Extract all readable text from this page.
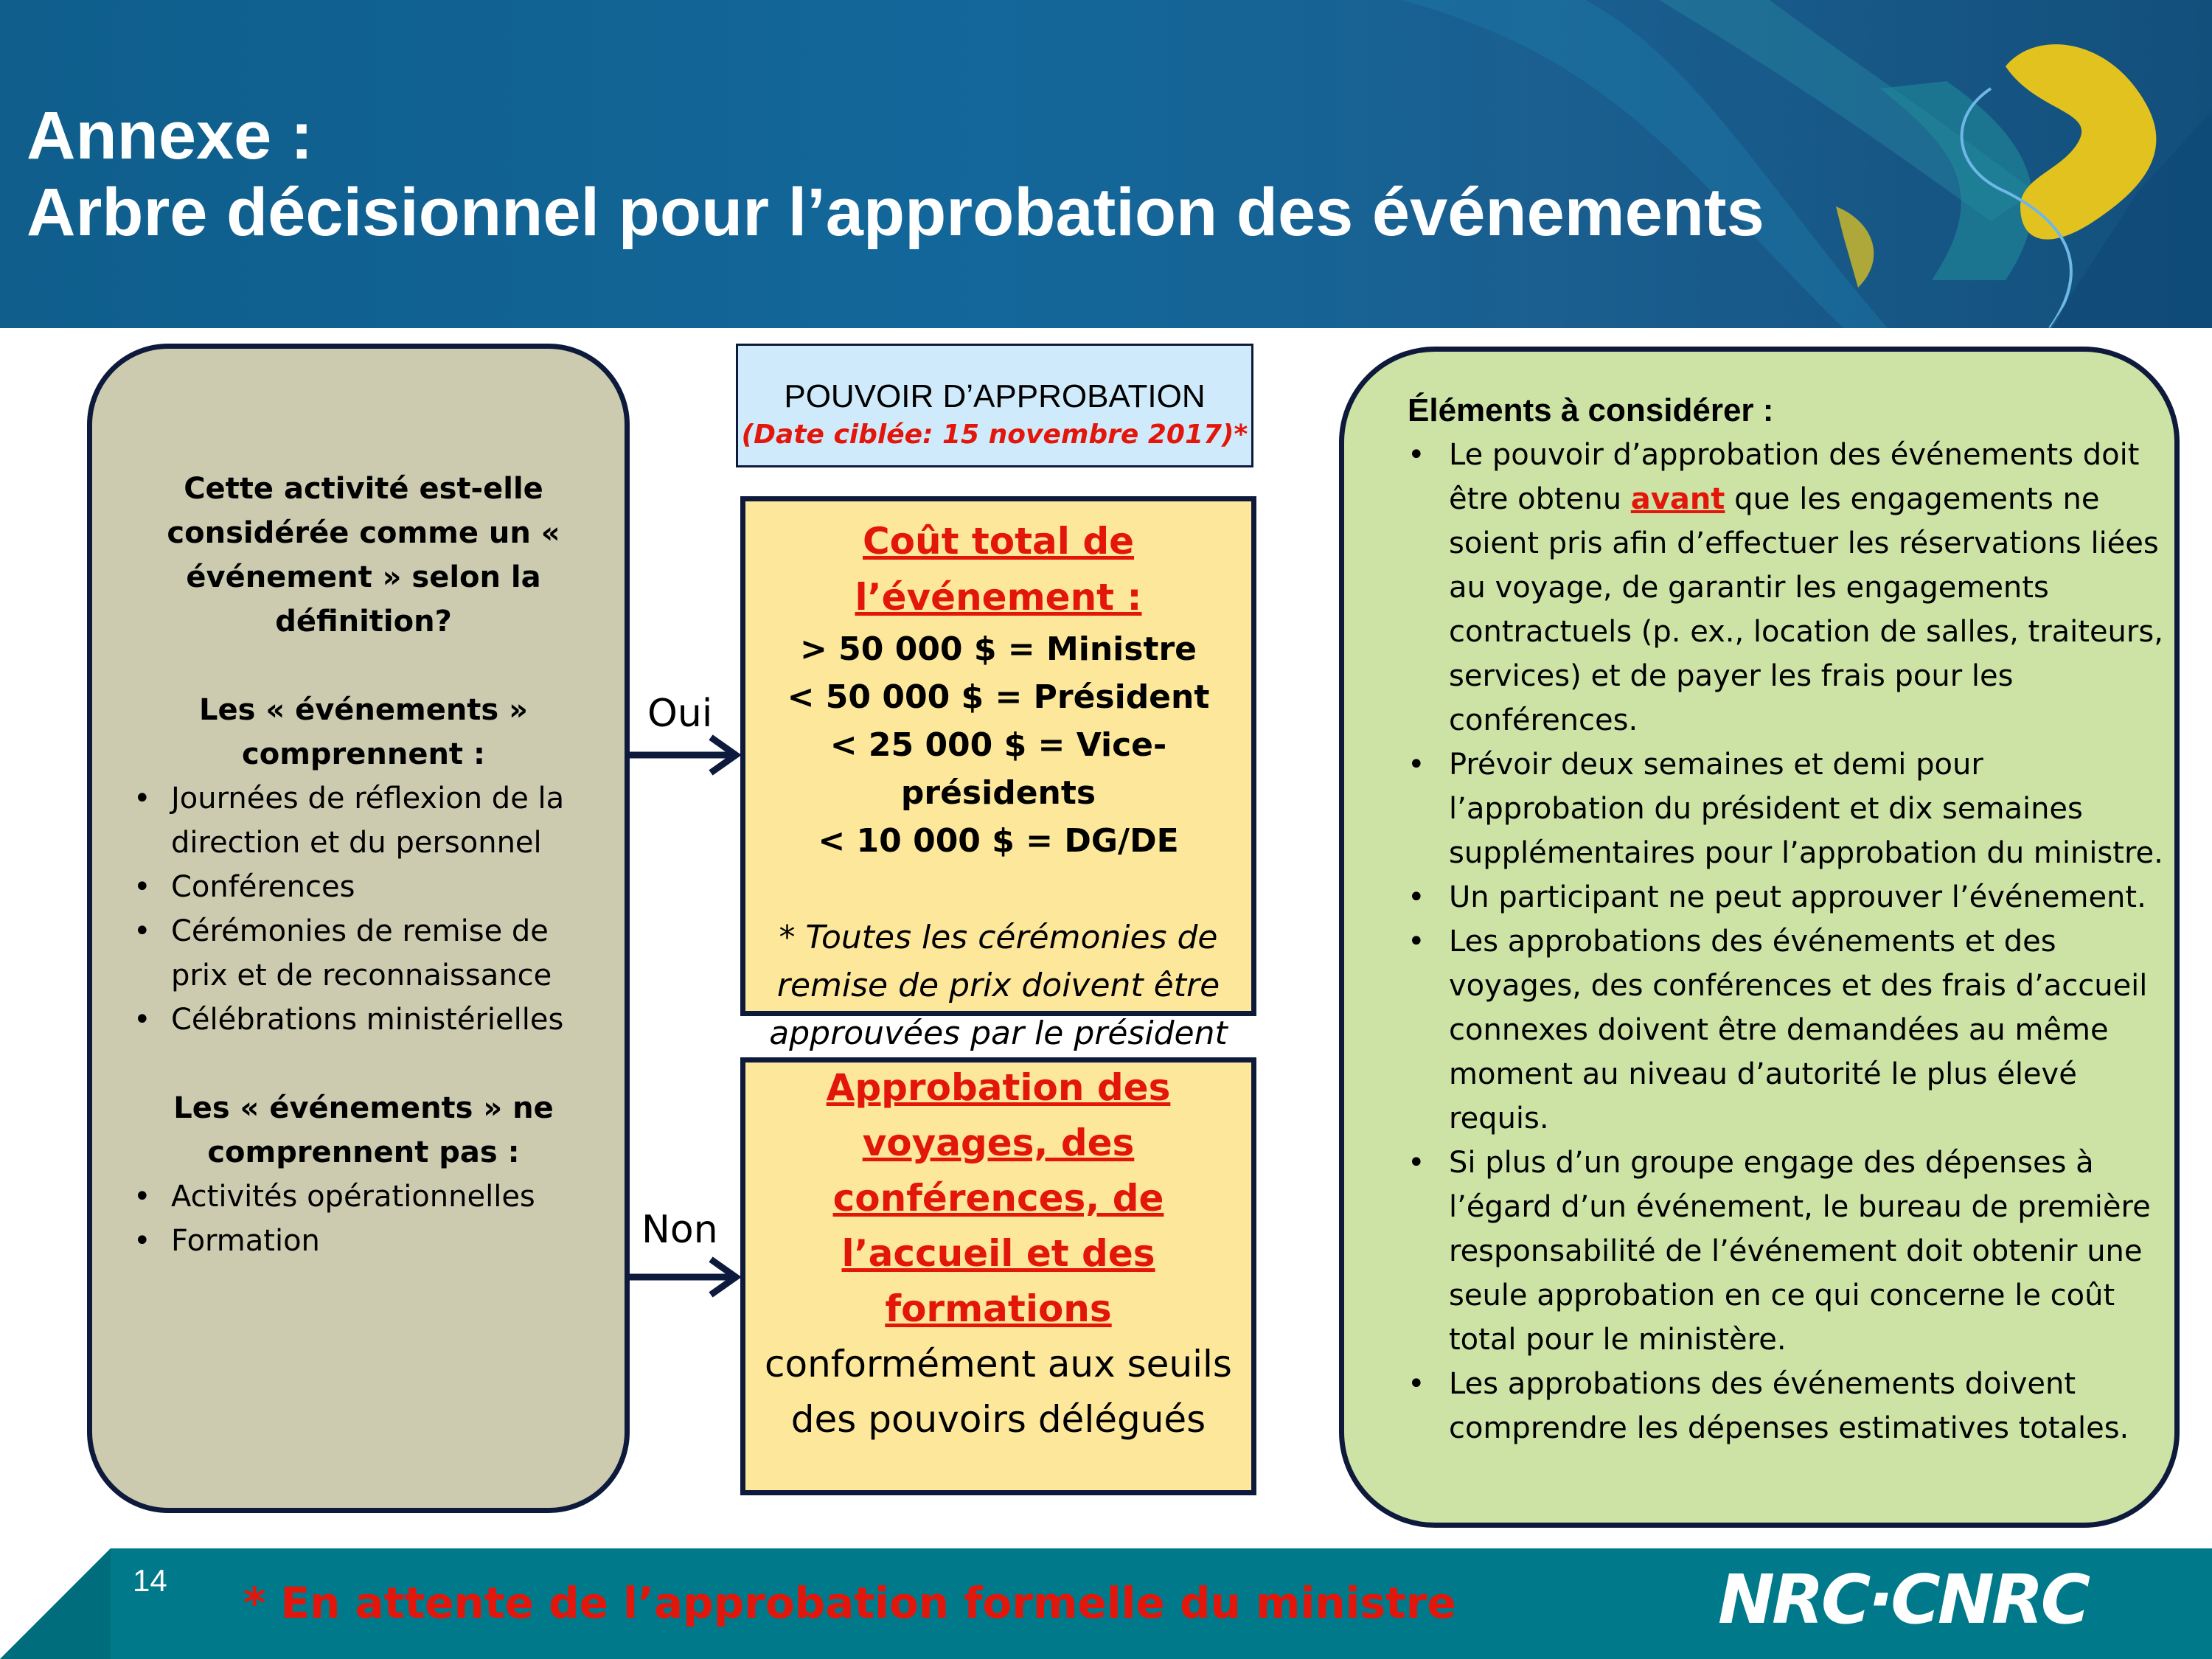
Annexe :
Arbre décisionnel pour l’approbation des événements
Cette activité est-elle considérée comme un « événement » selon la définition?
Les « événements » comprennent :
• Journées de réflexion de la direction et du personnel
• Conférences
• Cérémonies de remise de prix et de reconnaissance
• Célébrations ministérielles
Les « événements » ne comprennent pas :
• Activités opérationnelles
• Formation
Oui
Non
POUVOIR D’APPROBATION
(Date ciblée: 15 novembre 2017)*
Coût total de l’événement :
> 50 000 $ = Ministre
< 50 000 $ = Président
< 25 000 $ = Vice-présidents
< 10 000 $ = DG/DE
* Toutes les cérémonies de remise de prix doivent être approuvées par le président
Approbation des voyages, des conférences, de l’accueil et des formations
conformément aux seuils des pouvoirs délégués
Éléments à considérer :
• Le pouvoir d’approbation des événements doit être obtenu avant que les engagements ne soient pris afin d’effectuer les réservations liées au voyage, de garantir les engagements contractuels (p. ex., location de salles, traiteurs, services) et de payer les frais pour les conférences.
• Prévoir deux semaines et demi pour l’approbation du président et dix semaines supplémentaires pour l’approbation du ministre.
• Un participant ne peut approuver l’événement.
• Les approbations des événements et des voyages, des conférences et des frais d’accueil connexes doivent être demandées au même moment au niveau d’autorité le plus élevé requis.
• Si plus d’un groupe engage des dépenses à l’égard d’un événement, le bureau de première responsabilité de l’événement doit obtenir une seule approbation en ce qui concerne le coût total pour le ministère.
• Les approbations des événements doivent comprendre les dépenses estimatives totales.
14 * En attente de l’approbation formelle du ministre	NRC·CNRC
